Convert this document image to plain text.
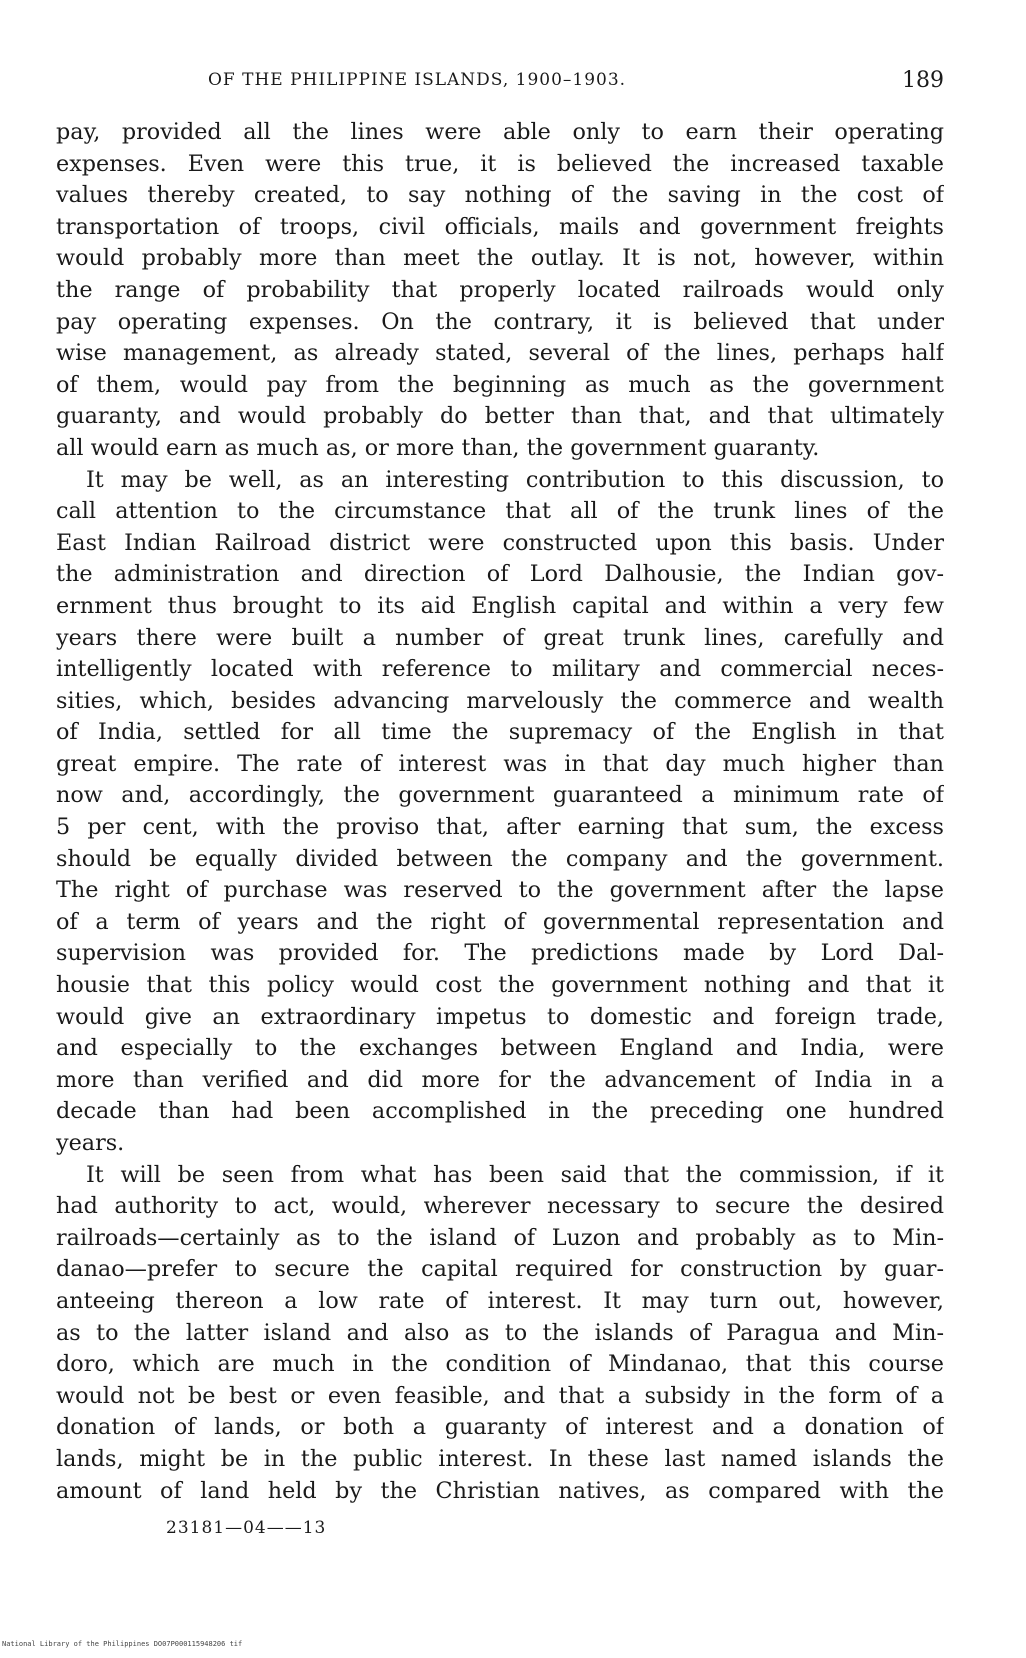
OF THE PHILIPPINE ISLANDS, 1900–1903.	189
pay, provided all the lines were able only to earn their operating
expenses. Even were this true, it is believed the increased taxable
values thereby created, to say nothing of the saving in the cost of
transportation of troops, civil officials, mails and government freights
would probably more than meet the outlay. It is not, however, within
the range of probability that properly located railroads would only
pay operating expenses. On the contrary, it is believed that under
wise management, as already stated, several of the lines, perhaps half
of them, would pay from the beginning as much as the government
guaranty, and would probably do better than that, and that ultimately
all would earn as much as, or more than, the government guaranty.
It may be well, as an interesting contribution to this discussion, to
call attention to the circumstance that all of the trunk lines of the
East Indian Railroad district were constructed upon this basis. Under
the administration and direction of Lord Dalhousie, the Indian gov-
ernment thus brought to its aid English capital and within a very few
years there were built a number of great trunk lines, carefully and
intelligently located with reference to military and commercial neces-
sities, which, besides advancing marvelously the commerce and wealth
of India, settled for all time the supremacy of the English in that
great empire. The rate of interest was in that day much higher than
now and, accordingly, the government guaranteed a minimum rate of
5 per cent, with the proviso that, after earning that sum, the excess
should be equally divided between the company and the government.
The right of purchase was reserved to the government after the lapse
of a term of years and the right of governmental representation and
supervision was provided for. The predictions made by Lord Dal-
housie that this policy would cost the government nothing and that it
would give an extraordinary impetus to domestic and foreign trade,
and especially to the exchanges between England and India, were
more than verified and did more for the advancement of India in a
decade than had been accomplished in the preceding one hundred
years.
It will be seen from what has been said that the commission, if it
had authority to act, would, wherever necessary to secure the desired
railroads—certainly as to the island of Luzon and probably as to Min-
danao—prefer to secure the capital required for construction by guar-
anteeing thereon a low rate of interest. It may turn out, however,
as to the latter island and also as to the islands of Paragua and Min-
doro, which are much in the condition of Mindanao, that this course
would not be best or even feasible, and that a subsidy in the form of a
donation of lands, or both a guaranty of interest and a donation of
lands, might be in the public interest. In these last named islands the
amount of land held by the Christian natives, as compared with the
23181—04——13
National Library of the Philippines DO07P000115948206 tif
